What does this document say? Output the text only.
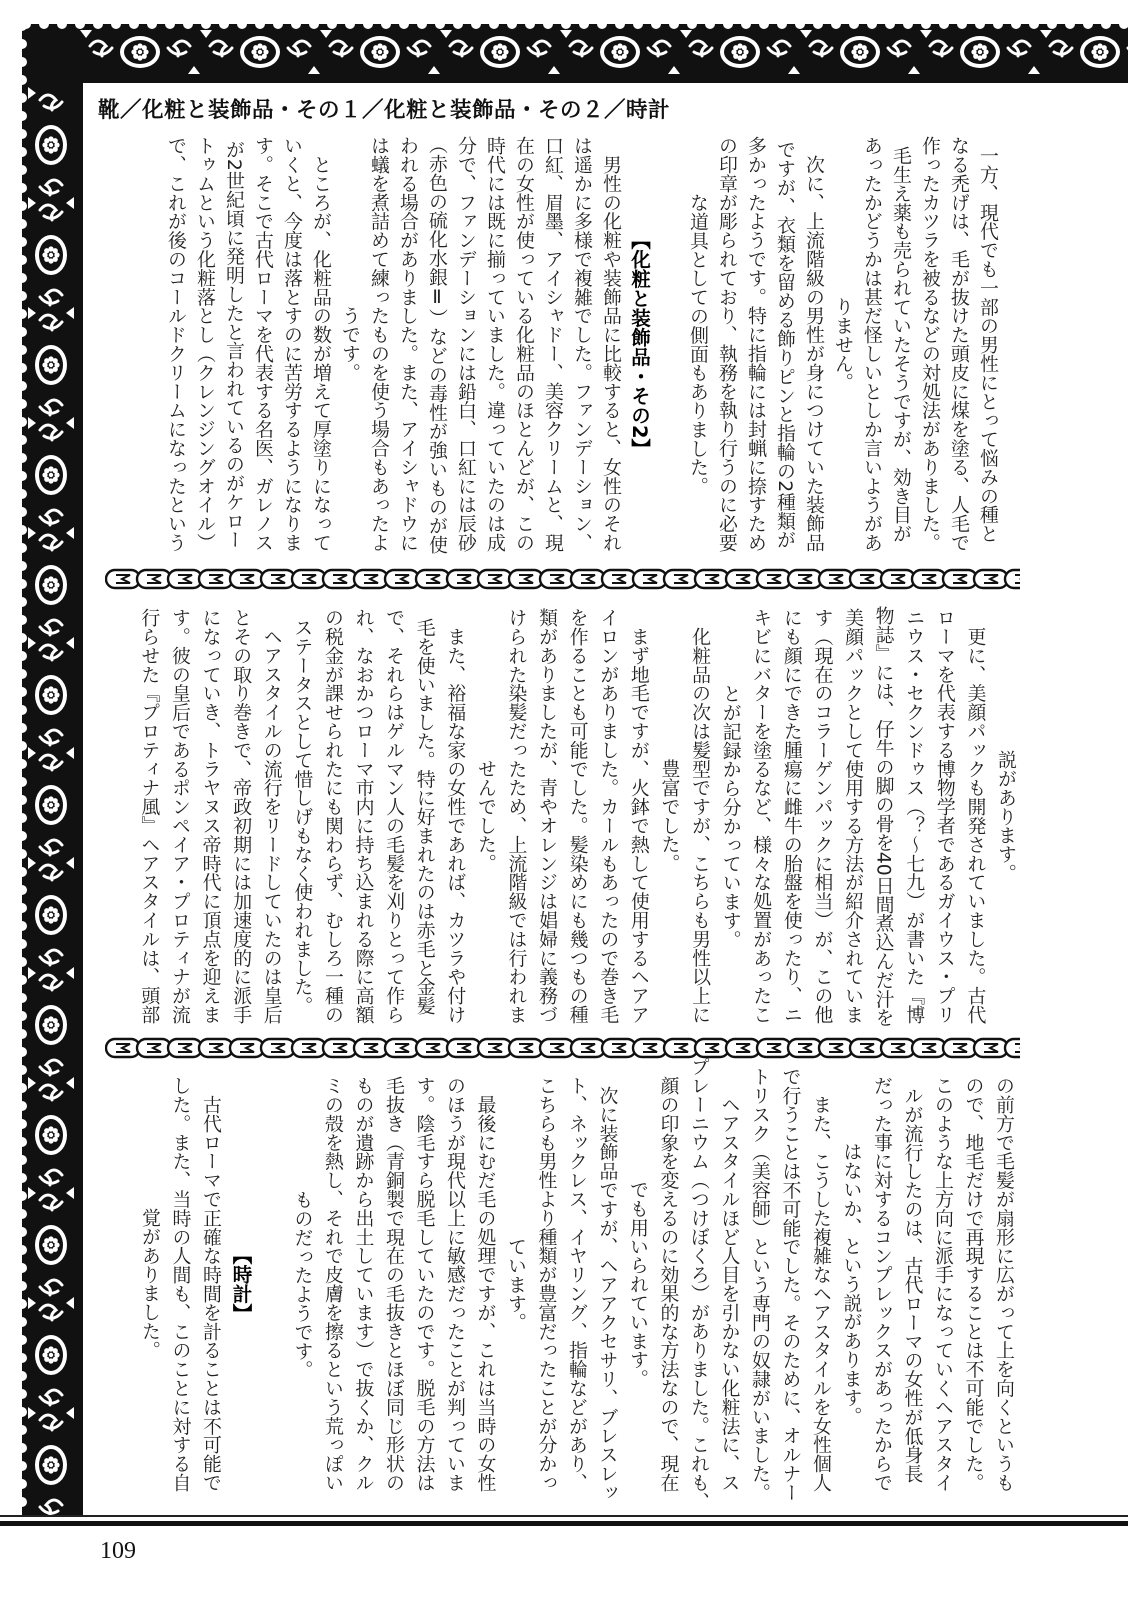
靴／化粧と装飾品・その１／化粧と装飾品・その２／時計
一方、現代でも一部の男性にとって悩みの種と
なる禿げは、毛が抜けた頭皮に煤を塗る、人毛で
作ったカツラを被るなどの対処法がありました。
毛生え薬も売られていたそうですが、効き目が
あったかどうかは甚だ怪しいとしか言いようがあ
りません。
　次に、上流階級の男性が身につけていた装飾品
ですが、衣類を留める飾りピンと指輪の2種類が
多かったようです。特に指輪には封蝋に捺すため
の印章が彫られており、執務を執り行うのに必要
な道具としての側面もありました。
【化粧と装飾品・その2】
　男性の化粧や装飾品に比較すると、女性のそれ
は遥かに多様で複雑でした。ファンデーション、
口紅、眉墨、アイシャドー、美容クリームと、現
在の女性が使っている化粧品のほとんどが、この
時代には既に揃っていました。違っていたのは成
分で、ファンデーションには鉛白、口紅には辰砂
（赤色の硫化水銀Ⅱ）などの毒性が強いものが使
われる場合がありました。また、アイシャドウに
は蟻を煮詰めて練ったものを使う場合もあったよ
うです。
　ところが、化粧品の数が増えて厚塗りになって
いくと、今度は落とすのに苦労するようになりま
す。そこで古代ローマを代表する名医、ガレノス
が2世紀頃に発明したと言われているのがケロー
トゥムという化粧落とし（クレンジングオイル）
で、これが後のコールドクリームになったという
説があります。
　更に、美顔パックも開発されていました。古代
ローマを代表する博物学者であるガイウス・プリ
ニウス・セクンドゥス（？～七九）が書いた『博
物誌』には、仔牛の脚の骨を40日間煮込んだ汁を
美顔パックとして使用する方法が紹介されていま
す（現在のコラーゲンパックに相当）が、この他
にも顔にできた腫瘍に雌牛の胎盤を使ったり、ニ
キビにバターを塗るなど、様々な処置があったこ
とが記録から分かっています。
　化粧品の次は髪型ですが、こちらも男性以上に
豊富でした。
　まず地毛ですが、火鉢で熱して使用するヘアア
イロンがありました。カールもあったので巻き毛
を作ることも可能でした。髪染めにも幾つもの種
類がありましたが、青やオレンジは娼婦に義務づ
けられた染髪だったため、上流階級では行われま
せんでした。
　また、裕福な家の女性であれば、カツラや付け
毛を使いました。特に好まれたのは赤毛と金髪
で、それらはゲルマン人の毛髪を刈りとって作ら
れ、なおかつローマ市内に持ち込まれる際に高額
の税金が課せられたにも関わらず、むしろ一種の
ステータスとして惜しげもなく使われました。
　ヘアスタイルの流行をリードしていたのは皇后
とその取り巻きで、帝政初期には加速度的に派手
になっていき、トラヤヌス帝時代に頂点を迎えま
す。彼の皇后であるポンペイア・プロティナが流
行らせた『プロティナ風』ヘアスタイルは、頭部
の前方で毛髪が扇形に広がって上を向くというも
ので、地毛だけで再現することは不可能でした。
このような上方向に派手になっていくヘアスタイ
ルが流行したのは、古代ローマの女性が低身長
だった事に対するコンプレックスがあったからで
はないか、という説があります。
　また、こうした複雑なヘアスタイルを女性個人
で行うことは不可能でした。そのために、オルナー
トリスク（美容師）という専門の奴隷がいました。
　ヘアスタイルほど人目を引かない化粧法に、ス
プレーニウム（つけぼくろ）がありました。これも、
顔の印象を変えるのに効果的な方法なので、現在
でも用いられています。
　次に装飾品ですが、ヘアアクセサリ、ブレスレッ
ト、ネックレス、イヤリング、指輪などがあり、
こちらも男性より種類が豊富だったことが分かっ
ています。
　最後にむだ毛の処理ですが、これは当時の女性
のほうが現代以上に敏感だったことが判っていま
す。陰毛すら脱毛していたのです。脱毛の方法は
毛抜き（青銅製で現在の毛抜きとほぼ同じ形状の
ものが遺跡から出土しています）で抜くか、クル
ミの殻を熱し、それで皮膚を擦るという荒っぽい
ものだったようです。
【時計】
　古代ローマで正確な時間を計ることは不可能で
した。また、当時の人間も、このことに対する自
覚がありました。
109
